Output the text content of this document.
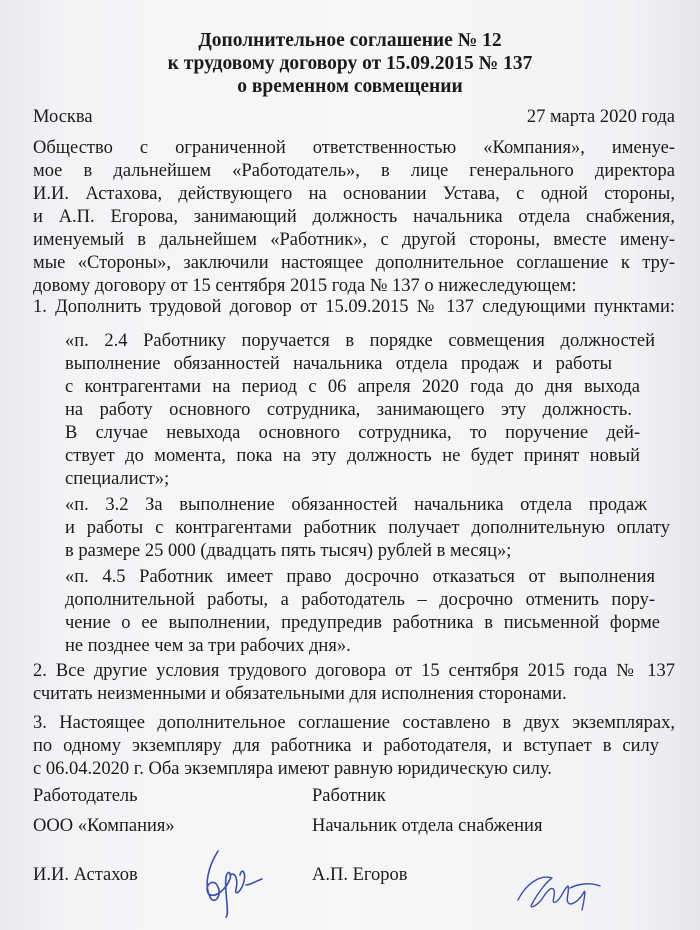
Дополнительное соглашение № 12
к трудовому договору от 15.09.2015 № 137
о временном совмещении
Москва	27 марта 2020 года
Общество с ограниченной ответственностью «Компания», именуе-
мое в дальнейшем «Работодатель», в лице генерального директора
И.И. Астахова, действующего на основании Устава, с одной стороны,
и А.П. Егорова, занимающий должность начальника отдела снабжения,
именуемый в дальнейшем «Работник», с другой стороны, вместе имену-
мые «Стороны», заключили настоящее дополнительное соглашение к тру-
довому договору от 15 сентября 2015 года № 137 о нижеследующем:
1. Дополнить трудовой договор от 15.09.2015 № 137 следующими пунктами:
«п. 2.4 Работнику поручается в порядке совмещения должностей
выполнение обязанностей начальника отдела продаж и работы
с контрагентами на период с 06 апреля 2020 года до дня выхода
на работу основного сотрудника, занимающего эту должность.
В случае невыхода основного сотрудника, то поручение дей-
ствует до момента, пока на эту должность не будет принят новый
специалист»;
«п. 3.2 За выполнение обязанностей начальника отдела продаж
и работы с контрагентами работник получает дополнительную оплату
в размере 25 000 (двадцать пять тысяч) рублей в месяц»;
«п. 4.5 Работник имеет право досрочно отказаться от выполнения
дополнительной работы, а работодатель – досрочно отменить пору-
чение о ее выполнении, предупредив работника в письменной форме
не позднее чем за три рабочих дня».
2. Все другие условия трудового договора от 15 сентября 2015 года № 137
считать неизменными и обязательными для исполнения сторонами.
3. Настоящее дополнительное соглашение составлено в двух экземплярах,
по одному экземпляру для работника и работодателя, и вступает в силу
с 06.04.2020 г. Оба экземпляра имеют равную юридическую силу.
Работодатель	Работник
ООО «Компания»	Начальник отдела снабжения
И.И. Астахов	А.П. Егоров
